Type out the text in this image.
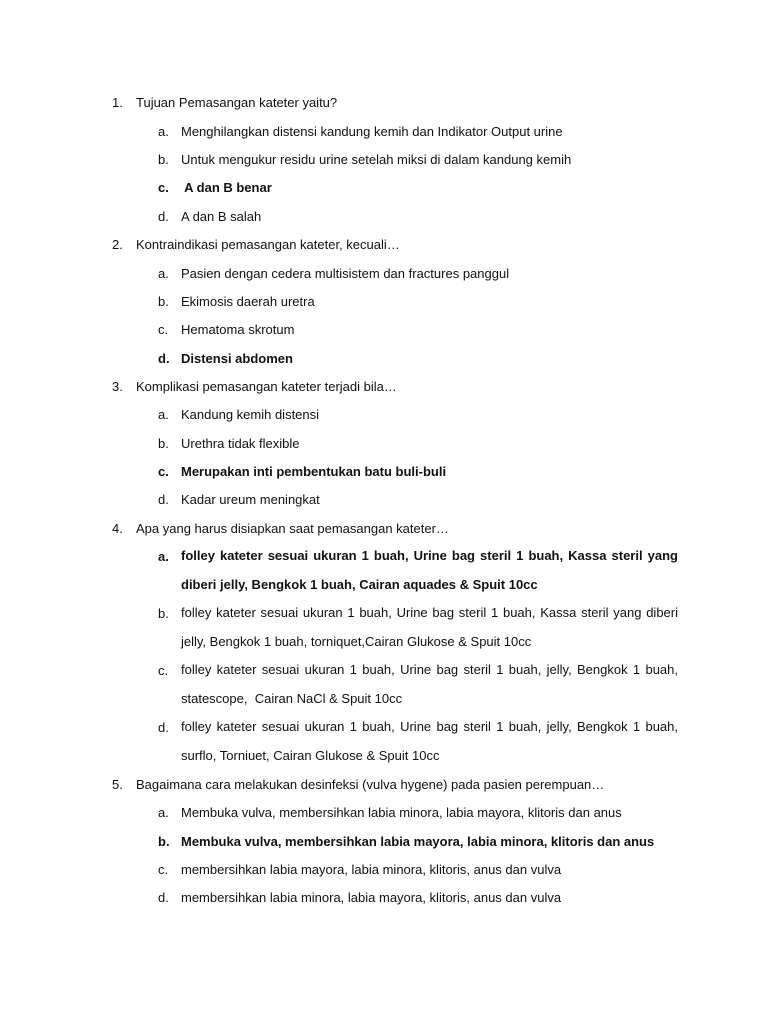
1.	Tujuan Pemasangan kateter yaitu?
a. Menghilangkan distensi kandung kemih dan Indikator Output urine
b. Untuk mengukur residu urine setelah miksi di dalam kandung kemih
c. A dan B benar
d. A dan B salah
2.	Kontraindikasi pemasangan kateter, kecuali…
a. Pasien dengan cedera multisistem dan fractures panggul
b. Ekimosis daerah uretra
c. Hematoma skrotum
d. Distensi abdomen
3.	Komplikasi pemasangan kateter terjadi bila…
a. Kandung kemih distensi
b. Urethra tidak flexible
c. Merupakan inti pembentukan batu buli-buli
d. Kadar ureum meningkat
4.	Apa yang harus disiapkan saat pemasangan kateter…
a. folley kateter sesuai ukuran 1 buah, Urine bag steril 1 buah, Kassa steril yang diberi jelly, Bengkok 1 buah, Cairan aquades & Spuit 10cc
b. folley kateter sesuai ukuran 1 buah, Urine bag steril 1 buah, Kassa steril yang diberi jelly, Bengkok 1 buah, torniquet,Cairan Glukose & Spuit 10cc
c. folley kateter sesuai ukuran 1 buah, Urine bag steril 1 buah, jelly, Bengkok 1 buah, statescope,  Cairan NaCl & Spuit 10cc
d. folley kateter sesuai ukuran 1 buah, Urine bag steril 1 buah, jelly, Bengkok 1 buah, surflo, Torniuet, Cairan Glukose & Spuit 10cc
5.	Bagaimana cara melakukan desinfeksi (vulva hygene) pada pasien perempuan…
a. Membuka vulva, membersihkan labia minora, labia mayora, klitoris dan anus
b. Membuka vulva, membersihkan labia mayora, labia minora, klitoris dan anus
c. membersihkan labia mayora, labia minora, klitoris, anus dan vulva
d. membersihkan labia minora, labia mayora, klitoris, anus dan vulva
